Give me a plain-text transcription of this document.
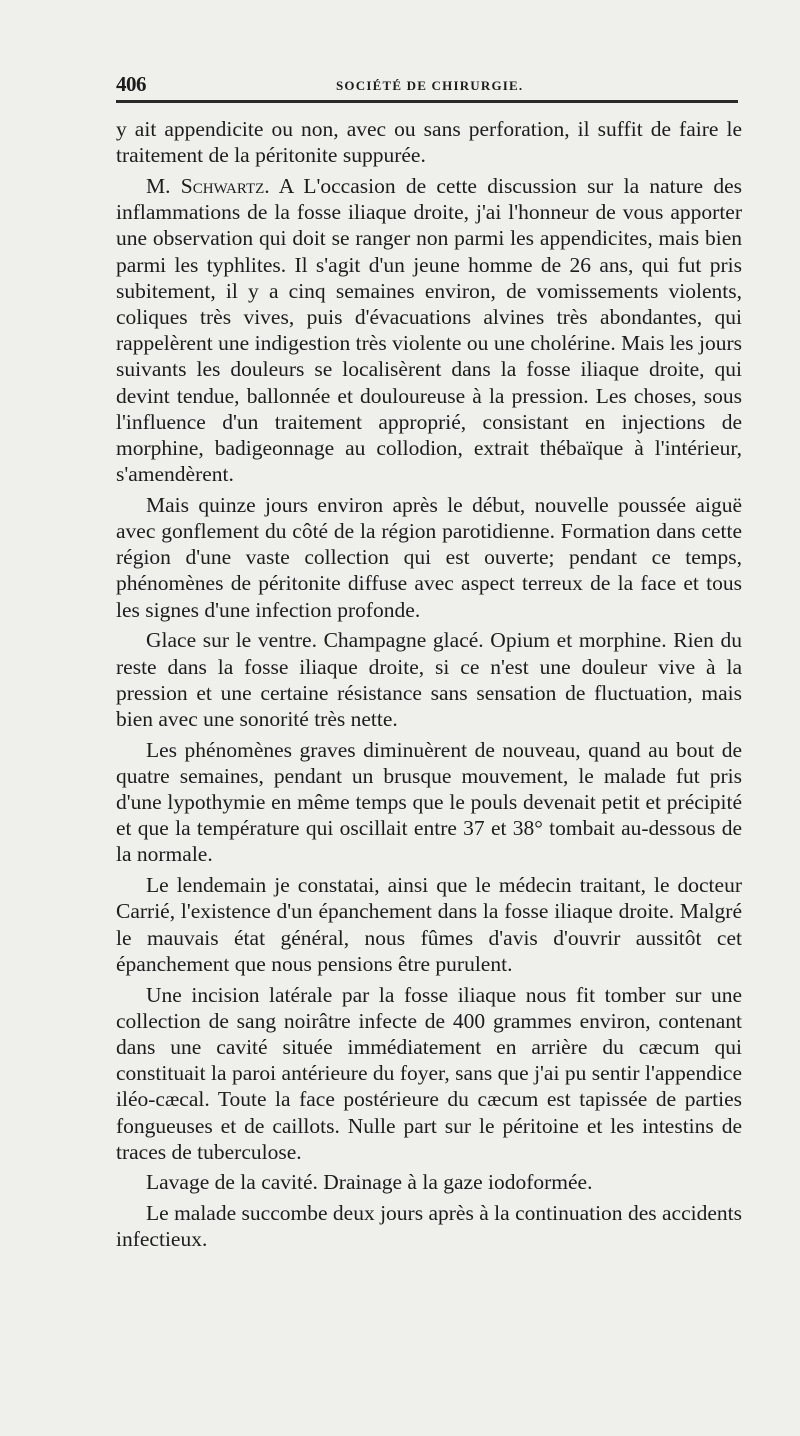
406	SOCIÉTÉ DE CHIRURGIE.

y ait appendicite ou non, avec ou sans perforation, il suffit de faire le traitement de la péritonite suppurée.

M. Schwartz. A L'occasion de cette discussion sur la nature des inflammations de la fosse iliaque droite, j'ai l'honneur de vous apporter une observation qui doit se ranger non parmi les appendicites, mais bien parmi les typhlites. Il s'agit d'un jeune homme de 26 ans, qui fut pris subitement, il y a cinq semaines environ, de vomissements violents, coliques très vives, puis d'évacuations alvines très abondantes, qui rappelèrent une indigestion très violente ou une cholérine. Mais les jours suivants les douleurs se localisèrent dans la fosse iliaque droite, qui devint tendue, ballonnée et douloureuse à la pression. Les choses, sous l'influence d'un traitement approprié, consistant en injections de morphine, badigeonnage au collodion, extrait thébaïque à l'intérieur, s'amendèrent.

Mais quinze jours environ après le début, nouvelle poussée aiguë avec gonflement du côté de la région parotidienne. Formation dans cette région d'une vaste collection qui est ouverte; pendant ce temps, phénomènes de péritonite diffuse avec aspect terreux de la face et tous les signes d'une infection profonde.

Glace sur le ventre. Champagne glacé. Opium et morphine. Rien du reste dans la fosse iliaque droite, si ce n'est une douleur vive à la pression et une certaine résistance sans sensation de fluctuation, mais bien avec une sonorité très nette.

Les phénomènes graves diminuèrent de nouveau, quand au bout de quatre semaines, pendant un brusque mouvement, le malade fut pris d'une lypothymie en même temps que le pouls devenait petit et précipité et que la température qui oscillait entre 37 et 38° tombait au-dessous de la normale.

Le lendemain je constatai, ainsi que le médecin traitant, le docteur Carrié, l'existence d'un épanchement dans la fosse iliaque droite. Malgré le mauvais état général, nous fûmes d'avis d'ouvrir aussitôt cet épanchement que nous pensions être purulent.

Une incision latérale par la fosse iliaque nous fit tomber sur une collection de sang noirâtre infecte de 400 grammes environ, contenant dans une cavité située immédiatement en arrière du cæcum qui constituait la paroi antérieure du foyer, sans que j'ai pu sentir l'appendice iléo-cæcal. Toute la face postérieure du cæcum est tapissée de parties fongueuses et de caillots. Nulle part sur le péritoine et les intestins de traces de tuberculose.

Lavage de la cavité. Drainage à la gaze iodoformée.

Le malade succombe deux jours après à la continuation des accidents infectieux.
